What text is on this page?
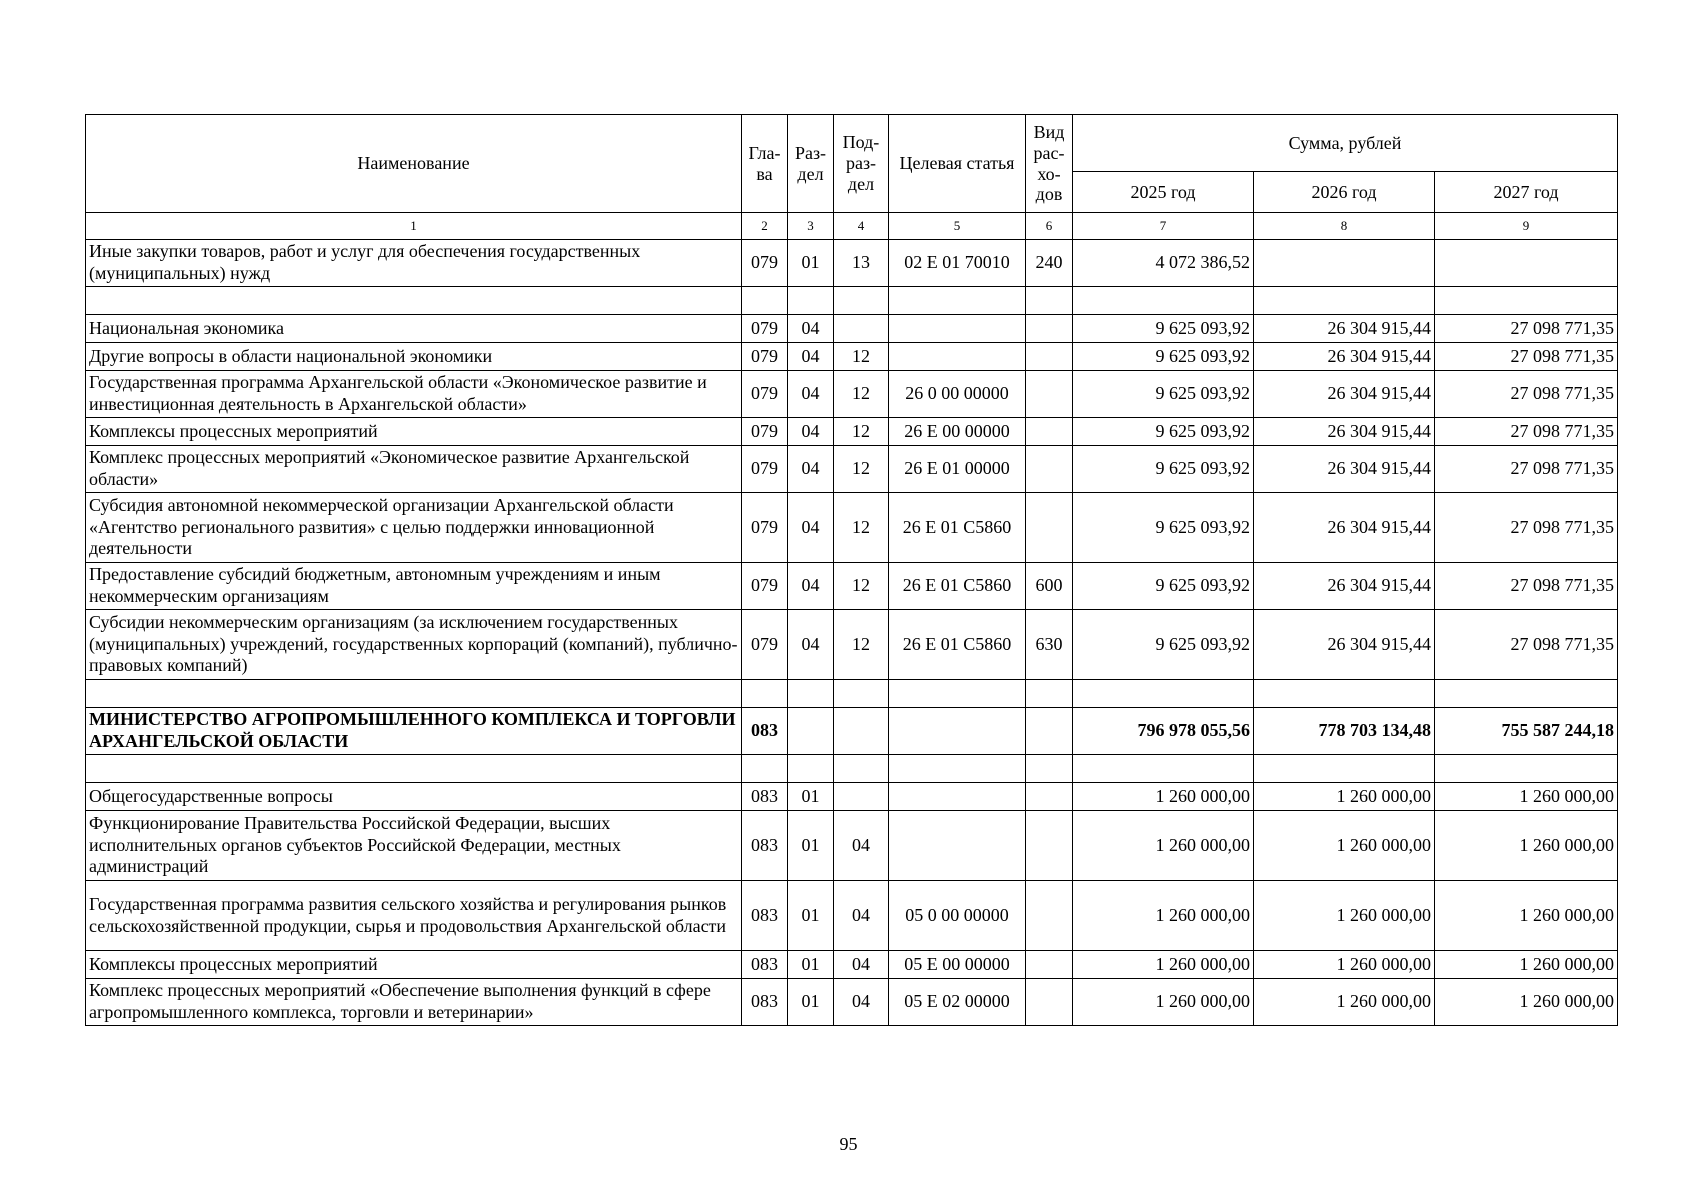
Наименование	Гла-ва	Раз-дел	Под-раз-дел	Целевая статья	Вид рас-хо-дов	Сумма, рублей		
						2025 год	2026 год	2027 год
1	2	3	4	5	6	7	8	9
Иные закупки товаров, работ и услуг для обеспечения государственных (муниципальных) нужд	079	01	13	02 Е 01 70010	240	4 072 386,52		

Национальная экономика	079	04				9 625 093,92	26 304 915,44	27 098 771,35
Другие вопросы в области национальной экономики	079	04	12			9 625 093,92	26 304 915,44	27 098 771,35
Государственная программа Архангельской области «Экономическое развитие и инвестиционная деятельность в Архангельской области»	079	04	12	26 0 00 00000		9 625 093,92	26 304 915,44	27 098 771,35
Комплексы процессных мероприятий	079	04	12	26 Е 00 00000		9 625 093,92	26 304 915,44	27 098 771,35
Комплекс процессных мероприятий «Экономическое развитие Архангельской области»	079	04	12	26 Е 01 00000		9 625 093,92	26 304 915,44	27 098 771,35
Субсидия автономной некоммерческой организации Архангельской области «Агентство регионального развития» с целью поддержки инновационной деятельности	079	04	12	26 Е 01 С5860		9 625 093,92	26 304 915,44	27 098 771,35
Предоставление субсидий бюджетным, автономным учреждениям и иным некоммерческим организациям	079	04	12	26 Е 01 С5860	600	9 625 093,92	26 304 915,44	27 098 771,35
Субсидии некоммерческим организациям (за исключением государственных (муниципальных) учреждений, государственных корпораций (компаний), публично-правовых компаний)	079	04	12	26 Е 01 С5860	630	9 625 093,92	26 304 915,44	27 098 771,35

МИНИСТЕРСТВО АГРОПРОМЫШЛЕННОГО КОМПЛЕКСА И ТОРГОВЛИ АРХАНГЕЛЬСКОЙ ОБЛАСТИ	083					796 978 055,56	778 703 134,48	755 587 244,18

Общегосударственные вопросы	083	01				1 260 000,00	1 260 000,00	1 260 000,00
Функционирование Правительства Российской Федерации, высших исполнительных органов субъектов Российской Федерации, местных администраций	083	01	04			1 260 000,00	1 260 000,00	1 260 000,00
Государственная программа развития сельского хозяйства и регулирования рынков сельскохозяйственной продукции, сырья и продовольствия Архангельской области	083	01	04	05 0 00 00000		1 260 000,00	1 260 000,00	1 260 000,00
Комплексы процессных мероприятий	083	01	04	05 Е 00 00000		1 260 000,00	1 260 000,00	1 260 000,00
Комплекс процессных мероприятий «Обеспечение выполнения функций в сфере агропромышленного комплекса, торговли и ветеринарии»	083	01	04	05 Е 02 00000		1 260 000,00	1 260 000,00	1 260 000,00
95
